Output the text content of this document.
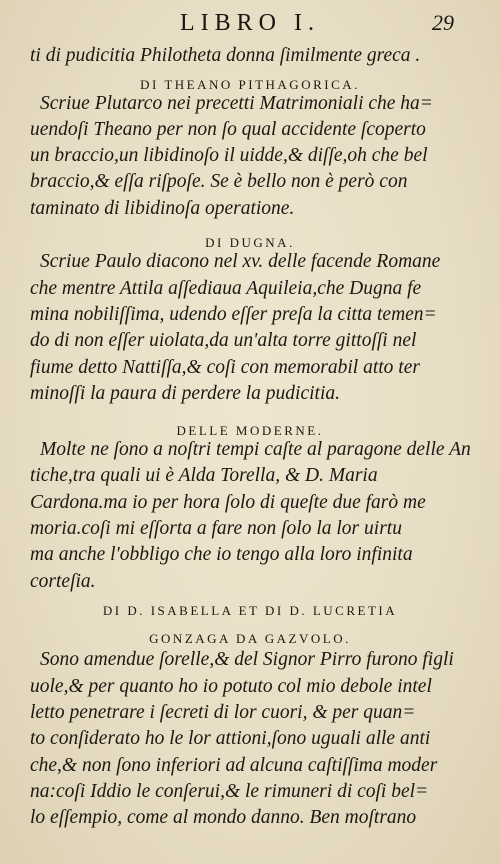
LIBRO I.	29
ti di pudicitia Philotheta donna ſimilmente greca .
DI THEANO PITHAGORICA.
Scriue Plutarco nei precetti Matrimoniali che ha=
uendoſi Theano per non ſo qual accidente ſcoperto
un braccio,un libidinoſo il uidde,& diſſe,oh che bel
braccio,& eſſa riſpoſe. Se è bello non è però con
taminato di libidinoſa operatione.
DI DUGNA.
Scriue Paulo diacono nel xv. delle facende Romane
che mentre Attila aſſediaua Aquileia,che Dugna fe
mina nobiliſſima, udendo eſſer preſa la citta temen=
do di non eſſer uiolata,da un'alta torre gittoſſi nel
fiume detto Nattiſſa,& coſi con memorabil atto ter
minoſſi la paura di perdere la pudicitia.
DELLE MODERNE.
Molte ne ſono a noſtri tempi caſte al paragone delle An
tiche,tra quali ui è Alda Torella, & D. Maria
Cardona.ma io per hora ſolo di queſte due farò me
moria.coſi mi eſſorta a fare non ſolo la lor uirtu
ma anche l'obbligo che io tengo alla loro infinita
corteſia.
DI D. ISABELLA ET DI D. LUCRETIA
GONZAGA DA GAZVOLO.
Sono amendue ſorelle,& del Signor Pirro furono figli
uole,& per quanto ho io potuto col mio debole intel
letto penetrare i ſecreti di lor cuori, & per quan=
to conſiderato ho le lor attioni,ſono uguali alle anti
che,& non ſono inferiori ad alcuna caſtiſſima moder
na:coſi Iddio le conſerui,& le rimuneri di coſi bel=
lo eſſempio, come al mondo danno. Ben moſtrano
